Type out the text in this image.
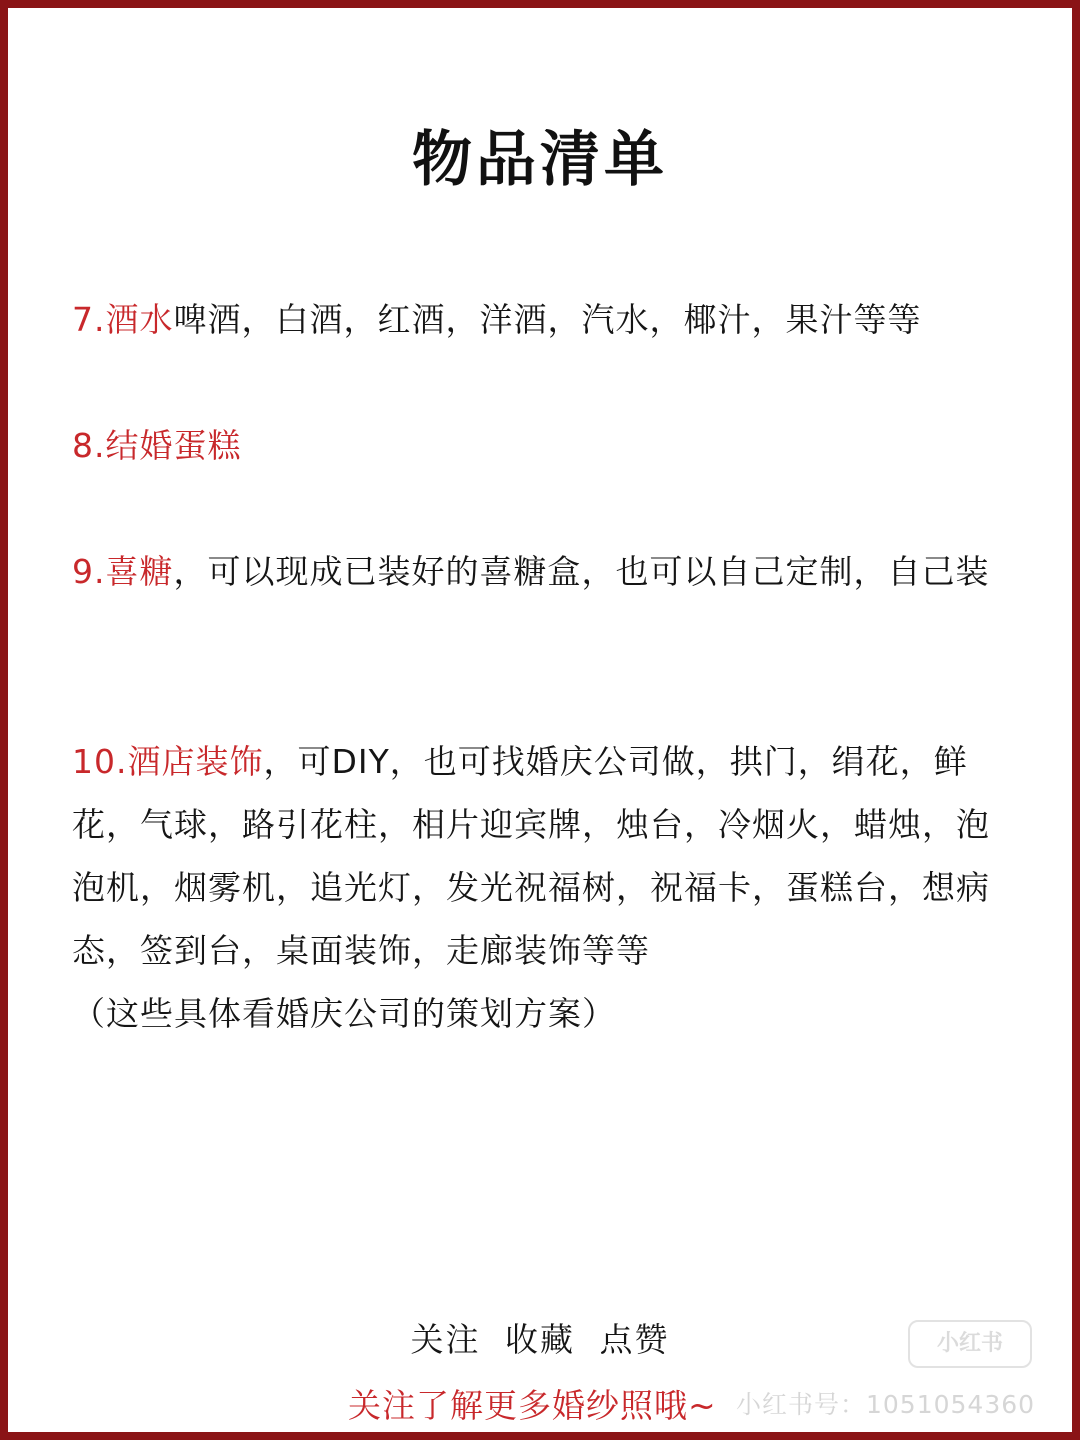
物品清单
7.酒水啤酒，白酒，红酒，洋酒，汽水，椰汁，果汁等等
8.结婚蛋糕
9.喜糖，可以现成已装好的喜糖盒，也可以自己定制，自己装
10.酒店装饰，可DIY，也可找婚庆公司做，拱门，绢花，鲜花，气球，路引花柱，相片迎宾牌，烛台，冷烟火，蜡烛，泡泡机，烟雾机，追光灯，发光祝福树，祝福卡，蛋糕台，想病态，签到台，桌面装饰，走廊装饰等等
（这些具体看婚庆公司的策划方案）
关注 收藏 点赞
关注了解更多婚纱照哦~
小红书
小红书号：1051054360
